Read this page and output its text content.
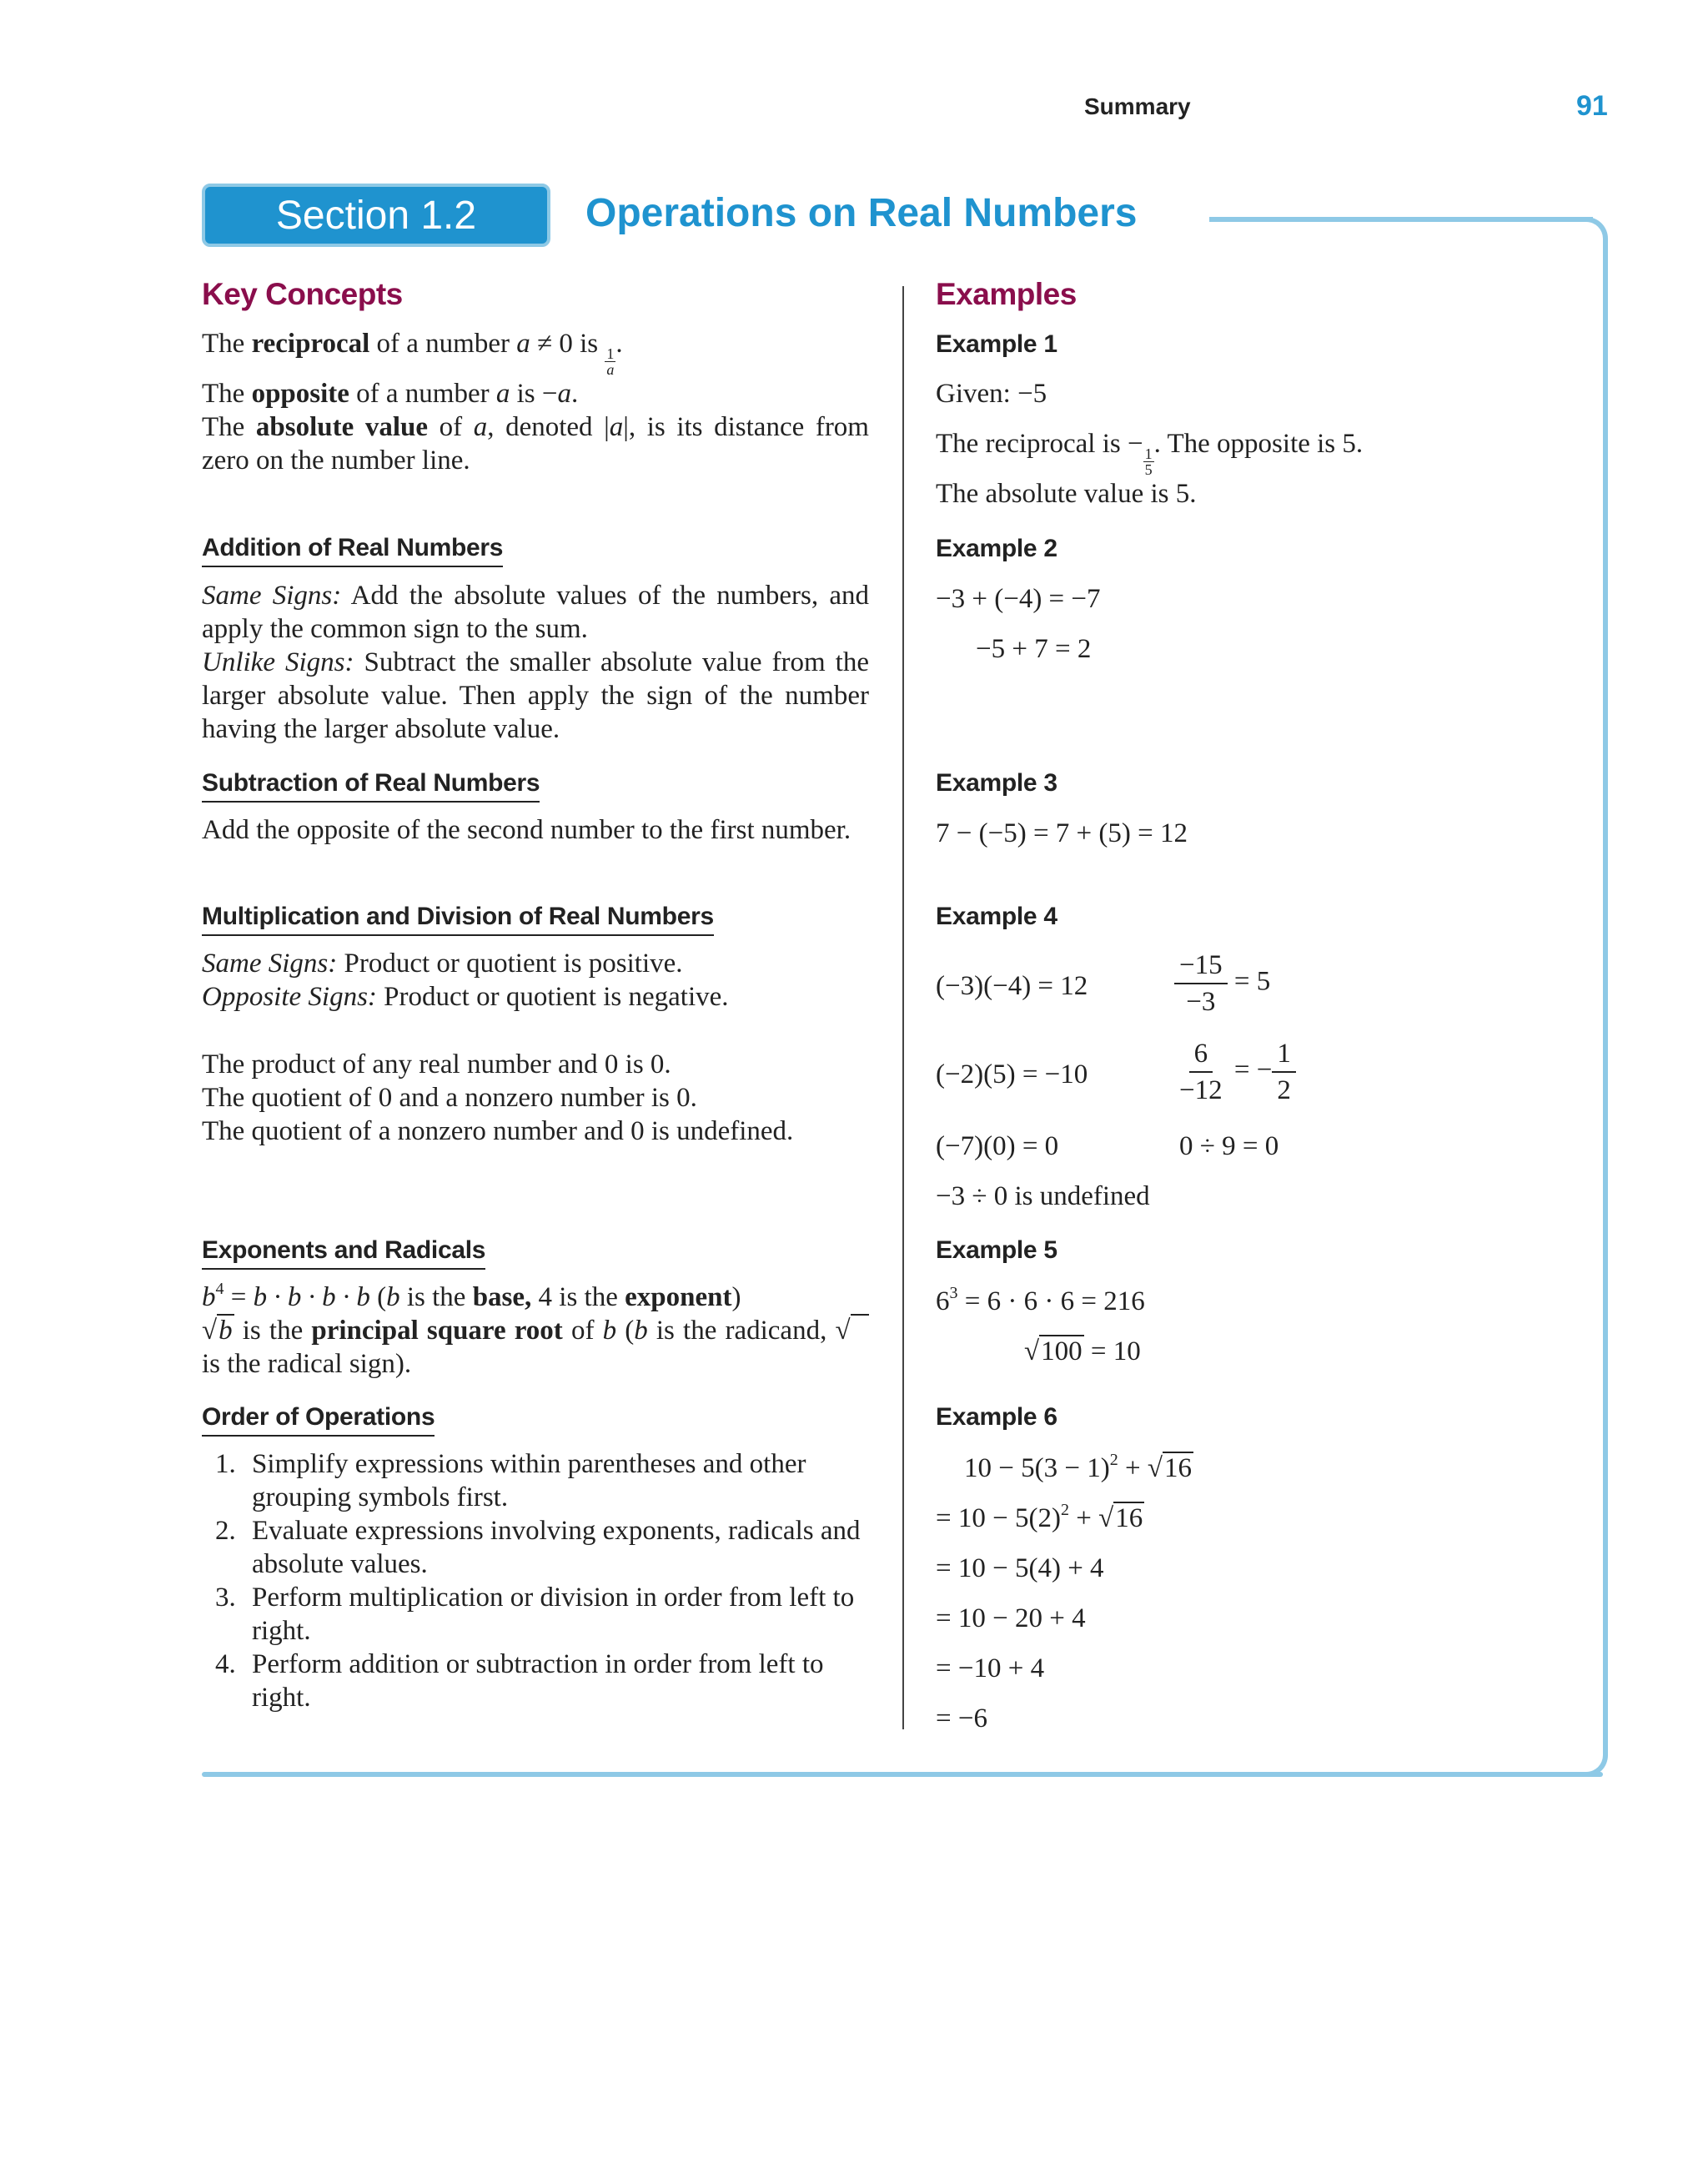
Summary	91
Section 1.2	Operations on Real Numbers
Key Concepts
The reciprocal of a number a ≠ 0 is
$\frac{1}{a}$
.
The opposite of a number a is −a.
The absolute value of a, denoted |a|, is its distance from zero on the number line.
Addition of Real Numbers
Same Signs: Add the absolute values of the numbers, and apply the common sign to the sum.
Unlike Signs: Subtract the smaller absolute value from the larger absolute value. Then apply the sign of the number having the larger absolute value.
Subtraction of Real Numbers
Add the opposite of the second number to the first number.
Multiplication and Division of Real Numbers
Same Signs: Product or quotient is positive.
Opposite Signs: Product or quotient is negative.
The product of any real number and 0 is 0.
The quotient of 0 and a nonzero number is 0.
The quotient of a nonzero number and 0 is undefined.
Exponents and Radicals
$b^4 = b \cdot b \cdot b \cdot b$ (b is the base, 4 is the exponent)
√b is the principal square root of b (b is the radicand, √   is the radical sign).
Order of Operations
1. Simplify expressions within parentheses and other grouping symbols first.
2. Evaluate expressions involving exponents, radicals and absolute values.
3. Perform multiplication or division in order from left to right.
4. Perform addition or subtraction in order from left to right.
Examples
Example 1
Given: −5
The reciprocal is −
$\frac{1}{5}$
. The opposite is 5.
The absolute value is 5.
Example 2
−3 + (−4) = −7
−5 + 7 = 2
Example 3
7 − (−5) = 7 + (5) = 12
Example 4
(−3)(−4) = 12	$\frac{-15}{-3} = 5$
(−2)(5) = −10	$\frac{6}{-12}$ = − $\frac{1}{2}$
(−7)(0) = 0	0 ÷ 9 = 0
−3 ÷ 0 is undefined
Example 5
$6^3 = 6 \cdot 6 \cdot 6 = 216$
√100 = 10
Example 6
$10 - 5(3 - 1)^2 + √16$
= $10 - 5(2)^2 + √16$
= 10 − 5(4) + 4
= 10 − 20 + 4
= −10 + 4
= −6
